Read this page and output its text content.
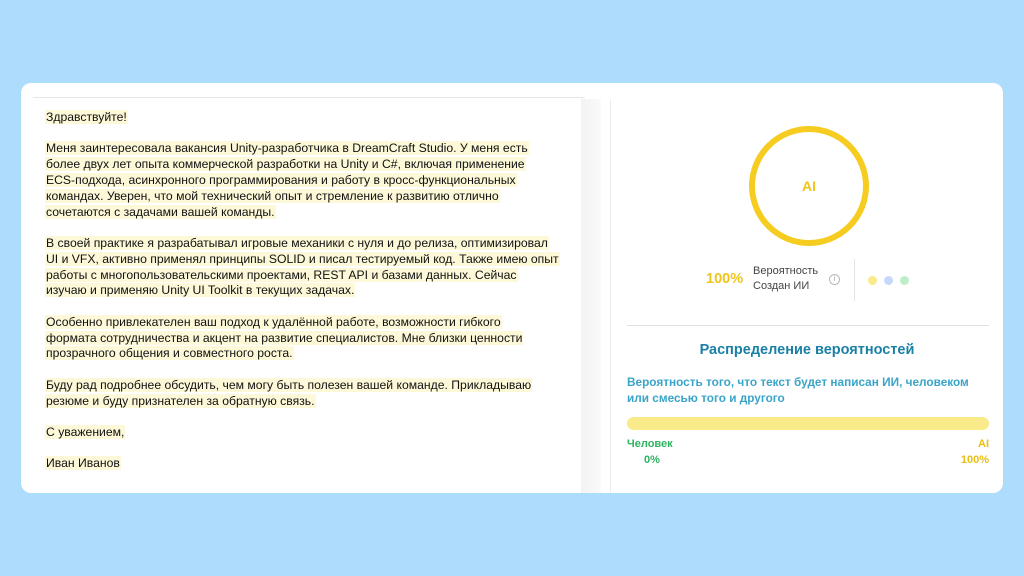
Здравствуйте!

Меня заинтересовала вакансия Unity-разработчика в DreamCraft Studio. У меня есть
более двух лет опыта коммерческой разработки на Unity и C#, включая применение
ECS-подхода, асинхронного программирования и работу в кросс-функциональных
командах. Уверен, что мой технический опыт и стремление к развитию отлично
сочетаются с задачами вашей команды.

В своей практике я разрабатывал игровые механики с нуля и до релиза, оптимизировал
UI и VFX, активно применял принципы SOLID и писал тестируемый код. Также имею опыт
работы с многопользовательскими проектами, REST API и базами данных. Сейчас
изучаю и применяю Unity UI Toolkit в текущих задачах.

Особенно привлекателен ваш подход к удалённой работе, возможности гибкого
формата сотрудничества и акцент на развитие специалистов. Мне близки ценности
прозрачного общения и совместного роста.

Буду рад подробнее обсудить, чем могу быть полезен вашей команде. Прикладываю
резюме и буду признателен за обратную связь.

С уважением,

Иван Иванов

AI
100% Вероятность
Создан ИИ
i
Распределение вероятностей
Вероятность того, что текст будет написан ИИ, человеком или смесью того и другого
Человек
0%
AI
100%
